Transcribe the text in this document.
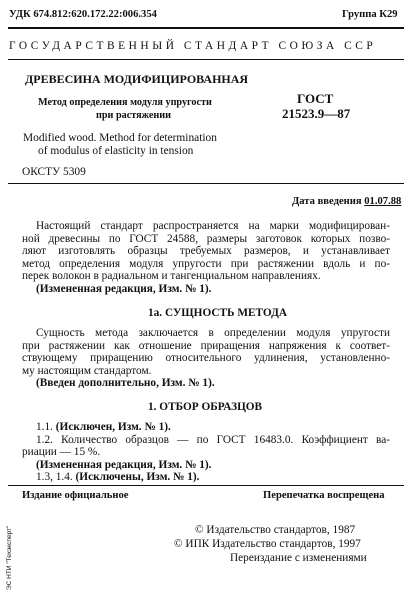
УДК 674.812:620.172.22:006.354	Группа К29
ГОСУДАРСТВЕННЫЙ СТАНДАРТ СОЮЗА ССР
ДРЕВЕСИНА МОДИФИЦИРОВАННАЯ
Метод определения модуля упругости
при растяжении
ГОСТ
21523.9—87
Modified wood. Method for determination
of modulus of elasticity in tension
ОКСТУ 5309
Дата введения 01.07.88
Настоящий стандарт распространяется на марки модифицирован-
ной древесины по ГОСТ 24588, размеры заготовок которых позво-
ляют изготовлять образцы требуемых размеров, и устанавливает
метод определения модуля упругости при растяжении вдоль и по-
перек волокон в радиальном и тангенциальном направлениях.
(Измененная редакция, Изм. № 1).
1а. СУЩНОСТЬ МЕТОДА
Сущность метода заключается в определении модуля упругости
при растяжении как отношение приращения напряжения к соответ-
ствующему приращению относительного удлинения, установленно-
му настоящим стандартом.
(Введен дополнительно, Изм. № 1).
1. ОТБОР ОБРАЗЦОВ
1.1. (Исключен, Изм. № 1).
1.2. Количество образцов — по ГОСТ 16483.0. Коэффициент ва-
риации — 15 %.
(Измененная редакция, Изм. № 1).
1.3, 1.4. (Исключены, Изм. № 1).
Издание официальное	Перепечатка воспрещена
© Издательство стандартов, 1987
© ИПК Издательство стандартов, 1997
Переиздание с изменениями
ЭС НТИ "Техэксперт"
